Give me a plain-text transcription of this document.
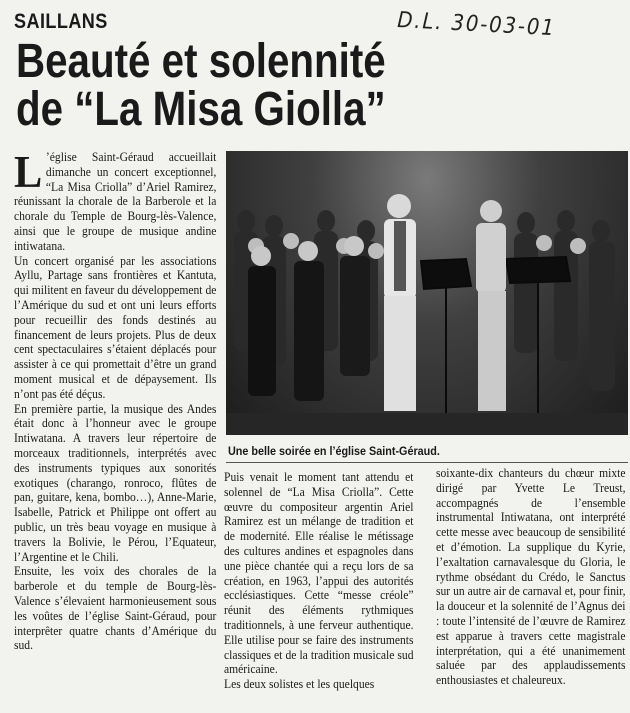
SAILLANS	D.L. 30-03-01
Beauté et solennité
de “La Misa Giolla”

L ’église Saint-Géraud accueillait dimanche un concert exceptionnel, “La Misa Criolla” d’Ariel Ramirez, réunissant la chorale de la Barberole et la chorale du Temple de Bourg-lès-Valence, ainsi que le groupe de musique andine intiwatana.

Un concert organisé par les associations Ayllu, Partage sans frontières et Kantuta, qui militent en faveur du développement de l’Amérique du sud et ont uni leurs efforts pour recueillir des fonds destinés au financement de leurs projets. Plus de deux cent spectaculaires s’étaient déplacés pour assister à ce qui promettait d’être un grand moment musical et de dépaysement. Ils n’ont pas été déçus.

En première partie, la musique des Andes était donc à l’honneur avec le groupe Intiwatana. A travers leur répertoire de morceaux traditionnels, interprétés avec des instruments typiques aux sonorités exotiques (charango, ronroco, flûtes de pan, guitare, kena, bombo…), Anne-Marie, Isabelle, Patrick et Philippe ont offert au public, un très beau voyage en musique à travers la Bolivie, le Pérou, l’Equateur, l’Argentine et le Chili.

Ensuite, les voix des chorales de la barberole et du temple de Bourg-lès-Valence s’élevaient harmonieusement sous les voûtes de l’église Saint-Géraud, pour interprêter quatre chants d’Amérique du sud.

Une belle soirée en l’église Saint-Géraud.

Puis venait le moment tant attendu et solennel de “La Misa Criolla”. Cette œuvre du compositeur argentin Ariel Ramirez est un mélange de tradition et de modernité. Elle réalise le métissage des cultures andines et espagnoles dans une pièce chantée qui a reçu lors de sa création, en 1963, l’appui des autorités ecclésiastiques. Cette “messe créole” réunit des éléments rythmiques traditionnels, à une ferveur authentique. Elle utilise pour se faire des instruments classiques et de la tradition musicale sud américaine.

Les deux solistes et les quelques

soixante-dix chanteurs du chœur mixte dirigé par Yvette Le Treust, accompagnés de l’ensemble instrumental Intiwatana, ont interprété cette messe avec beaucoup de sensibilité et d’émotion. La supplique du Kyrie, l’exaltation carnavalesque du Gloria, le rythme obsédant du Crédo, le Sanctus sur un autre air de carnaval et, pour finir, la douceur et la solennité de l’Agnus dei : toute l’intensité de l’œuvre de Ramirez est apparue à travers cette magistrale interprétation, qui a été unanimement saluée par des applaudissements enthousiastes et chaleureux.
